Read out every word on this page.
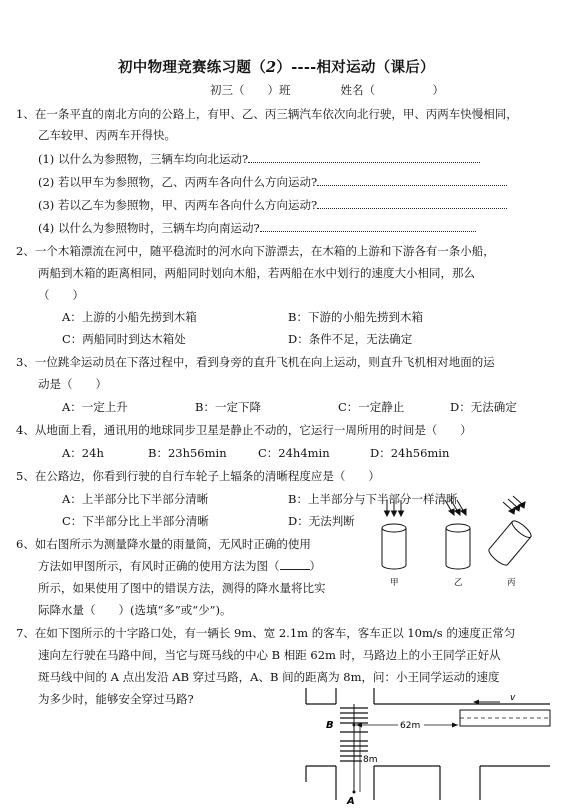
初中物理竞赛练习题（2）----相对运动（课后）
初三（　　）班	姓名（　　　　　）
1、在一条平直的南北方向的公路上，有甲、乙、丙三辆汽车依次向北行驶，甲、丙两车快慢相同，
乙车较甲、丙两车开得快。
(1) 以什么为参照物，三辆车均向北运动?
(2) 若以甲车为参照物，乙、丙两车各向什么方向运动?
(3) 若以乙车为参照物，甲、丙两车各向什么方向运动?
(4) 以什么为参照物时，三辆车均向南运动?
2、一个木箱漂流在河中，随平稳流时的河水向下游漂去，在木箱的上游和下游各有一条小船，
两船到木箱的距离相同，两船同时划向木船，若两船在水中划行的速度大小相同，那么
（　　）
A：上游的小船先捞到木箱	B：下游的小船先捞到木箱
C：两船同时到达木箱处	D：条件不足，无法确定
3、一位跳伞运动员在下落过程中，看到身旁的直升飞机在向上运动，则直升飞机相对地面的运
动是（　　）
A：一定上升	B：一定下降	C：一定静止	D：无法确定
4、从地面上看，通讯用的地球同步卫星是静止不动的，它运行一周所用的时间是（　　）
A：24h	B：23h56min	C：24h4min	D：24h56min
5、在公路边，你看到行驶的自行车轮子上辐条的清晰程度应是（　　）
A：上半部分比下半部分清晰	B：上半部分与下半部分一样清晰
C：下半部分比上半部分清晰	D：无法判断
6、如右图所示为测量降水量的雨量筒，无风时正确的使用
方法如甲图所示，有风时正确的使用方法为图（	）
所示，如果使用了图中的错误方法，测得的降水量将比实
际降水量（　　）(选填“多”或“少”)。
甲	乙	丙
7、在如下图所示的十字路口处，有一辆长 9m、宽 2.1m 的客车，客车正以 10m/s 的速度正常匀
速向左行驶在马路中间，当它与斑马线的中心 B 相距 62m 时，马路边上的小王同学正好从
斑马线中间的 A 点出发沿 AB 穿过马路，A、B 间的距离为 8m，问：小王同学运动的速度
为多少时，能够安全穿过马路?	v
62m
8m
B
A
